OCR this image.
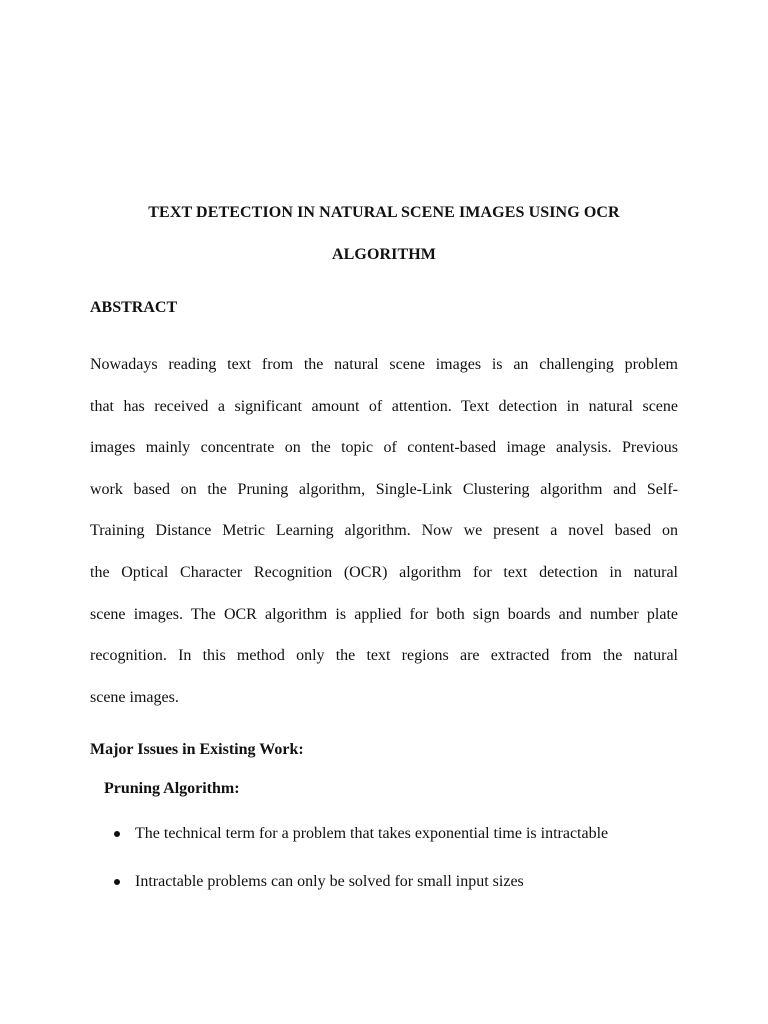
TEXT DETECTION IN NATURAL SCENE IMAGES USING OCR
ALGORITHM
ABSTRACT
Nowadays reading text from the natural scene images is an challenging problem
that has received a significant amount of attention. Text detection in natural scene
images mainly concentrate on the topic of content-based image analysis. Previous
work based on the Pruning algorithm, Single-Link Clustering algorithm and Self-
Training Distance Metric Learning algorithm. Now we present a novel based on
the Optical Character Recognition (OCR) algorithm for text detection in natural
scene images. The OCR algorithm is applied for both sign boards and number plate
recognition. In this method only the text regions are extracted from the natural
scene images.
Major Issues in Existing Work:
Pruning Algorithm:
The technical term for a problem that takes exponential time is intractable
Intractable problems can only be solved for small input sizes
